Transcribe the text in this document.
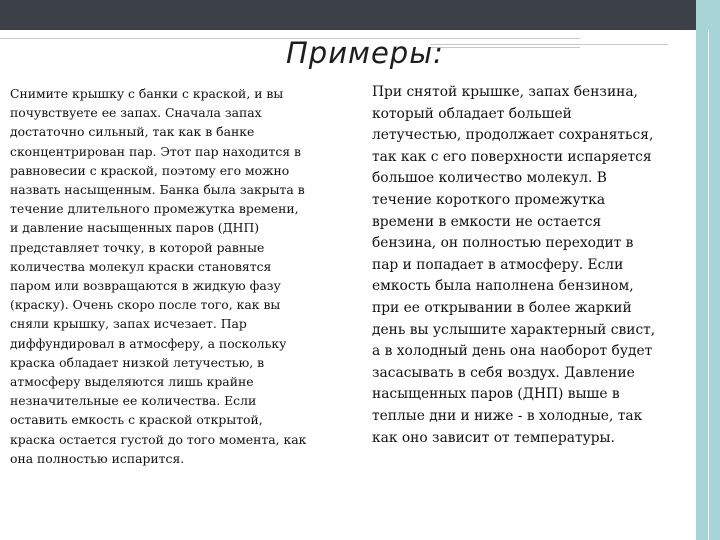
Примеры:
Снимите крышку с банки с краской, и вы
почувствуете ее запах. Сначала запах
достаточно сильный, так как в банке
сконцентрирован пар. Этот пар находится в
равновесии с краской, поэтому его можно
назвать насыщенным. Банка была закрыта в
течение длительного промежутка времени,
и давление насыщенных паров (ДНП)
представляет точку, в которой равные
количества молекул краски становятся
паром или возвращаются в жидкую фазу
(краску). Очень скоро после того, как вы
сняли крышку, запах исчезает. Пар
диффундировал в атмосферу, а поскольку
краска обладает низкой летучестью, в
атмосферу выделяются лишь крайне
незначительные ее количества. Если
оставить емкость с краской открытой,
краска остается густой до того момента, как
она полностью испарится.
При снятой крышке, запах бензина,
который обладает большей
летучестью, продолжает сохраняться,
так как с его поверхности испаряется
большое количество молекул. В
течение короткого промежутка
времени в емкости не остается
бензина, он полностью переходит в
пар и попадает в атмосферу. Если
емкость была наполнена бензином,
при ее открывании в более жаркий
день вы услышите характерный свист,
а в холодный день она наоборот будет
засасывать в себя воздух. Давление
насыщенных паров (ДНП) выше в
теплые дни и ниже - в холодные, так
как оно зависит от температуры.
